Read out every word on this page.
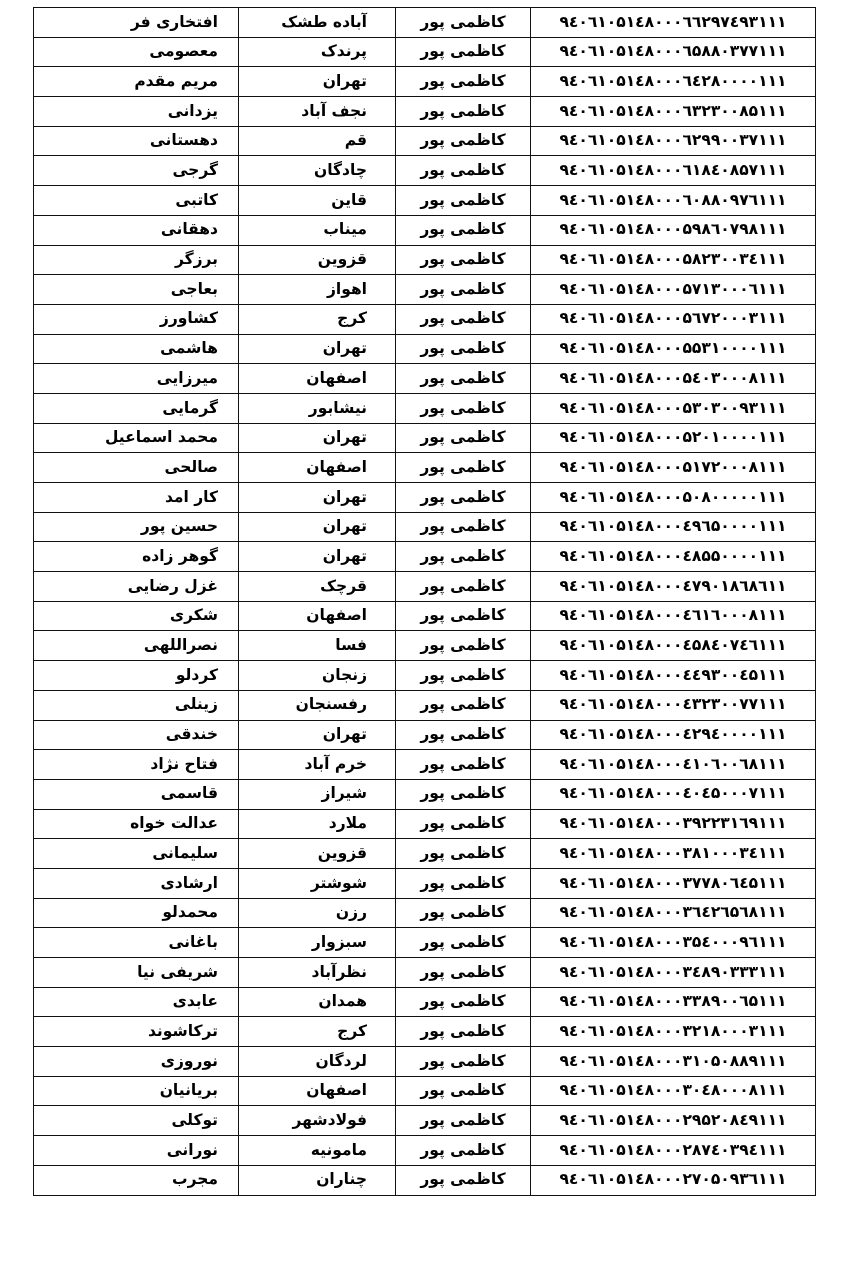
افتخاری فر	آباده طشک	کاظمی پور	۹٤۰٦۱۰۵۱٤۸۰۰۰٦٦۲۹۷٤۹۳۱۱۱
معصومی	پرندک	کاظمی پور	۹٤۰٦۱۰۵۱٤۸۰۰۰٦۵۸۸۰۳۷۷۱۱۱
مریم مقدم	تهران	کاظمی پور	۹٤۰٦۱۰۵۱٤۸۰۰۰٦٤۲۸۰۰۰۰۱۱۱
یزدانی	نجف آباد	کاظمی پور	۹٤۰٦۱۰۵۱٤۸۰۰۰٦۳۲۳۰۰۸۵۱۱۱
دهستانی	قم	کاظمی پور	۹٤۰٦۱۰۵۱٤۸۰۰۰٦۲۹۹۰۰۳۷۱۱۱
گرجی	چادگان	کاظمی پور	۹٤۰٦۱۰۵۱٤۸۰۰۰٦۱۸٤۰۸۵۷۱۱۱
کاتبی	قاین	کاظمی پور	۹٤۰٦۱۰۵۱٤۸۰۰۰٦۰۸۸۰۹۷٦۱۱۱
دهقانی	میناب	کاظمی پور	۹٤۰٦۱۰۵۱٤۸۰۰۰۵۹۸٦۰۷۹۸۱۱۱
برزگر	قزوین	کاظمی پور	۹٤۰٦۱۰۵۱٤۸۰۰۰۵۸۲۳۰۰۳٤۱۱۱
بعاجی	اهواز	کاظمی پور	۹٤۰٦۱۰۵۱٤۸۰۰۰۵۷۱۳۰۰۰٦۱۱۱
کشاورز	کرج	کاظمی پور	۹٤۰٦۱۰۵۱٤۸۰۰۰۵٦۷۲۰۰۰۳۱۱۱
هاشمی	تهران	کاظمی پور	۹٤۰٦۱۰۵۱٤۸۰۰۰۵۵۳۱۰۰۰۰۱۱۱
میرزایی	اصفهان	کاظمی پور	۹٤۰٦۱۰۵۱٤۸۰۰۰۵٤۰۳۰۰۰۸۱۱۱
گرمایی	نیشابور	کاظمی پور	۹٤۰٦۱۰۵۱٤۸۰۰۰۵۳۰۳۰۰۹۳۱۱۱
محمد اسماعیل	تهران	کاظمی پور	۹٤۰٦۱۰۵۱٤۸۰۰۰۵۲۰۱۰۰۰۰۱۱۱
صالحی	اصفهان	کاظمی پور	۹٤۰٦۱۰۵۱٤۸۰۰۰۵۱۷۲۰۰۰۸۱۱۱
کار امد	تهران	کاظمی پور	۹٤۰٦۱۰۵۱٤۸۰۰۰۵۰۸۰۰۰۰۰۱۱۱
حسین پور	تهران	کاظمی پور	۹٤۰٦۱۰۵۱٤۸۰۰۰٤۹٦۵۰۰۰۰۱۱۱
گوهر زاده	تهران	کاظمی پور	۹٤۰٦۱۰۵۱٤۸۰۰۰٤۸۵۵۰۰۰۰۱۱۱
غزل رضایی	قرچک	کاظمی پور	۹٤۰٦۱۰۵۱٤۸۰۰۰٤۷۹۰۱۸٦۸٦۱۱
شکری	اصفهان	کاظمی پور	۹٤۰٦۱۰۵۱٤۸۰۰۰٤٦۱٦۰۰۰۸۱۱۱
نصراللهی	فسا	کاظمی پور	۹٤۰٦۱۰۵۱٤۸۰۰۰٤۵۸٤۰۷٤٦۱۱۱
کردلو	زنجان	کاظمی پور	۹٤۰٦۱۰۵۱٤۸۰۰۰٤٤۹۳۰۰٤۵۱۱۱
زینلی	رفسنجان	کاظمی پور	۹٤۰٦۱۰۵۱٤۸۰۰۰٤۳۲۳۰۰۷۷۱۱۱
خندقی	تهران	کاظمی پور	۹٤۰٦۱۰۵۱٤۸۰۰۰٤۲۹٤۰۰۰۰۱۱۱
فتاح نژاد	خرم آباد	کاظمی پور	۹٤۰٦۱۰۵۱٤۸۰۰۰٤۱۰٦۰۰٦۸۱۱۱
قاسمی	شیراز	کاظمی پور	۹٤۰٦۱۰۵۱٤۸۰۰۰٤۰٤۵۰۰۰۷۱۱۱
عدالت خواه	ملارد	کاظمی پور	۹٤۰٦۱۰۵۱٤۸۰۰۰۳۹۲۲۳۱٦۹۱۱۱
سلیمانی	قزوین	کاظمی پور	۹٤۰٦۱۰۵۱٤۸۰۰۰۳۸۱۰۰۰۳٤۱۱۱
ارشادی	شوشتر	کاظمی پور	۹٤۰٦۱۰۵۱٤۸۰۰۰۳۷۷۸۰٦٤۵۱۱۱
محمدلو	رزن	کاظمی پور	۹٤۰٦۱۰۵۱٤۸۰۰۰۳٦٤۲٦۵٦۸۱۱۱
باغانی	سبزوار	کاظمی پور	۹٤۰٦۱۰۵۱٤۸۰۰۰۳۵٤۰۰۰۹٦۱۱۱
شریفی نیا	نظرآباد	کاظمی پور	۹٤۰٦۱۰۵۱٤۸۰۰۰۳٤۸۹۰۳۳۳۱۱۱
عابدی	همدان	کاظمی پور	۹٤۰٦۱۰۵۱٤۸۰۰۰۳۳۸۹۰۰٦۵۱۱۱
ترکاشوند	کرج	کاظمی پور	۹٤۰٦۱۰۵۱٤۸۰۰۰۳۲۱۸۰۰۰۳۱۱۱
نوروزی	لردگان	کاظمی پور	۹٤۰٦۱۰۵۱٤۸۰۰۰۳۱۰۵۰۸۸۹۱۱۱
بریانیان	اصفهان	کاظمی پور	۹٤۰٦۱۰۵۱٤۸۰۰۰۳۰٤۸۰۰۰۸۱۱۱
توکلی	فولادشهر	کاظمی پور	۹٤۰٦۱۰۵۱٤۸۰۰۰۲۹۵۲۰۸٤۹۱۱۱
نورانی	مامونیه	کاظمی پور	۹٤۰٦۱۰۵۱٤۸۰۰۰۲۸۷٤۰۳۹٤۱۱۱
مجرب	چناران	کاظمی پور	۹٤۰٦۱۰۵۱٤۸۰۰۰۲۷۰۵۰۹۳٦۱۱۱
